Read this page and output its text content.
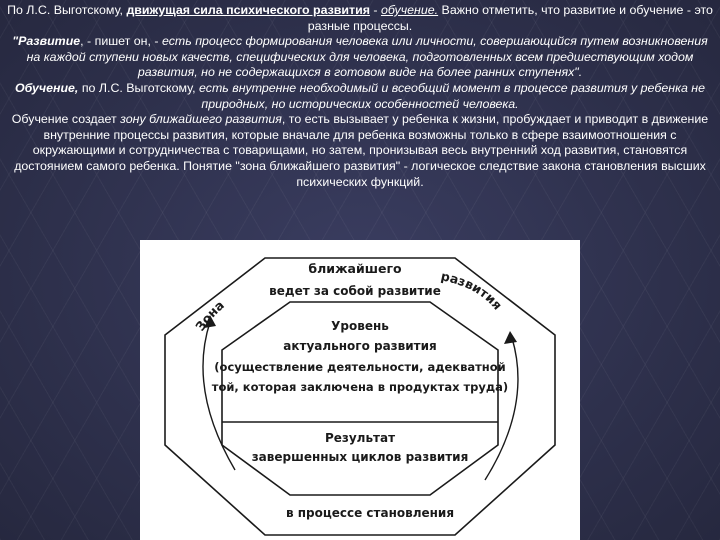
По Л.С. Выготскому, движущая сила психического развития - обучение. Важно отметить, что развитие и обучение - это разные процессы.

"Развитие, - пишет он, - есть процесс формирования человека или личности, совершающийся путем возникновения на каждой ступени новых качеств, специфических для человека, подготовленных всем предшествующим ходом развития, но не содержащихся в готовом виде на более ранних ступенях".

Обучение, по Л.С. Выготскому, есть внутренне необходимый и всеобщий момент в процессе развития у ребенка не природных, но исторических особенностей человека.

Обучение создает зону ближайшего развития, то есть вызывает у ребенка к жизни, пробуждает и приводит в движение внутренние процессы развития, которые вначале для ребенка возможны только в сфере взаимоотношения с окружающими и сотрудничества с товарищами, но затем, пронизывая весь внутренний ход развития, становятся достоянием самого ребенка. Понятие "зона ближайшего развития" - логическое следствие закона становления высших психических функций.

Зона
ближайшего	развития
ведет за собой развитие
Уровень
актуального развития
(осуществление деятельности, адекватной
той, которая заключена в продуктах труда)
Результат
завершенных циклов развития
в процессе становления
